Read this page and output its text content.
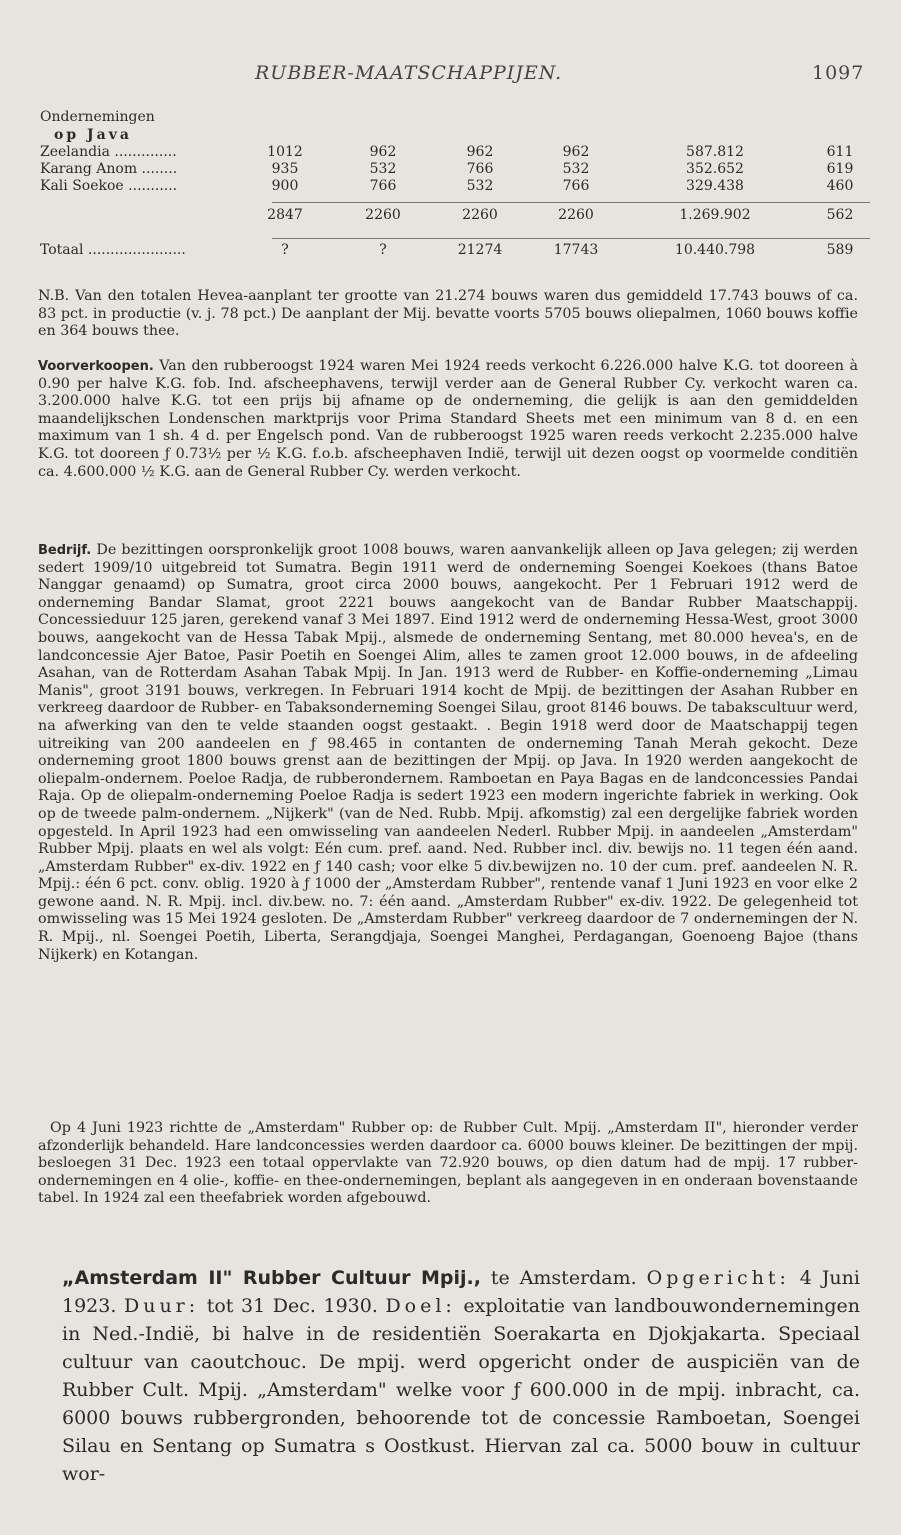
RUBBER-MAATSCHAPPIJEN.	1097
Ondernemingen
op Java
Zeelandia ..............	1012	962	962	962	587.812	611
Karang Anom ........	935	532	766	532	352.652	619
Kali Soekoe ...........	900	766	532	766	329.438	460
2847	2260	2260	2260	1.269.902	562
Totaal ......................	?	?	21274	17743	10.440.798	589

N.B. Van den totalen Hevea-aanplant ter grootte van 21.274 bouws waren dus gemiddeld 17.743 bouws of ca. 83 pct. in productie (v. j. 78 pct.) De aanplant der Mij. bevatte voorts 5705 bouws oliepalmen, 1060 bouws koffie en 364 bouws thee.

Voorverkoopen. Van den rubberoogst 1924 waren Mei 1924 reeds verkocht 6.226.000 halve K.G. tot dooreen à 0.90 per halve K.G. fob. Ind. afscheephavens, terwijl verder aan de General Rubber Cy. verkocht waren ca. 3.200.000 halve K.G. tot een prijs bij afname op de onderneming, die gelijk is aan den gemiddelden maandelijkschen Londenschen marktprijs voor Prima Standard Sheets met een minimum van 8 d. en een maximum van 1 sh. 4 d. per Engelsch pond. Van de rubberoogst 1925 waren reeds verkocht 2.235.000 halve K.G. tot dooreen ƒ 0.73½ per ½ K.G. f.o.b. afscheephaven Indië, terwijl uit dezen oogst op voormelde conditiën ca. 4.600.000 ½ K.G. aan de General Rubber Cy. werden verkocht.

Bedrijf. De bezittingen oorspronkelijk groot 1008 bouws, waren aanvankelijk alleen op Java gelegen; zij werden sedert 1909/10 uitgebreid tot Sumatra. Begin 1911 werd de onderneming Soengei Koekoes (thans Batoe Nanggar genaamd) op Sumatra, groot circa 2000 bouws, aangekocht. Per 1 Februari 1912 werd de onderneming Bandar Slamat, groot 2221 bouws aangekocht van de Bandar Rubber Maatschappij. Concessieduur 125 jaren, gerekend vanaf 3 Mei 1897. Eind 1912 werd de onderneming Hessa-West, groot 3000 bouws, aangekocht van de Hessa Tabak Mpij., alsmede de onderneming Sentang, met 80.000 hevea's, en de landconcessie Ajer Batoe, Pasir Poetih en Soengei Alim, alles te zamen groot 12.000 bouws, in de afdeeling Asahan, van de Rotterdam Asahan Tabak Mpij. In Jan. 1913 werd de Rubber- en Koffie-onderneming „Limau Manis", groot 3191 bouws, verkregen. In Februari 1914 kocht de Mpij. de bezittingen der Asahan Rubber en verkreeg daardoor de Rubber- en Tabaksonderneming Soengei Silau, groot 8146 bouws. De tabakscultuur werd, na afwerking van den te velde staanden oogst gestaakt. . Begin 1918 werd door de Maatschappij tegen uitreiking van 200 aandeelen en ƒ 98.465 in contanten de onderneming Tanah Merah gekocht. Deze onderneming groot 1800 bouws grenst aan de bezittingen der Mpij. op Java. In 1920 werden aangekocht de oliepalm-ondernem. Poeloe Radja, de rubberondernem. Ramboetan en Paya Bagas en de landconcessies Pandai Raja. Op de oliepalm-onderneming Poeloe Radja is sedert 1923 een modern ingerichte fabriek in werking. Ook op de tweede palm-ondernem. „Nijkerk" (van de Ned. Rubb. Mpij. afkomstig) zal een dergelijke fabriek worden opgesteld. In April 1923 had een omwisseling van aandeelen Nederl. Rubber Mpij. in aandeelen „Amsterdam" Rubber Mpij. plaats en wel als volgt: Eén cum. pref. aand. Ned. Rubber incl. div. bewijs no. 11 tegen één aand. „Amsterdam Rubber" ex-div. 1922 en ƒ 140 cash; voor elke 5 div.bewijzen no. 10 der cum. pref. aandeelen N. R. Mpij.: één 6 pct. conv. oblig. 1920 à ƒ 1000 der „Amsterdam Rubber", rentende vanaf 1 Juni 1923 en voor elke 2 gewone aand. N. R. Mpij. incl. div.bew. no. 7: één aand. „Amsterdam Rubber" ex-div. 1922. De gelegenheid tot omwisseling was 15 Mei 1924 gesloten. De „Amsterdam Rubber" verkreeg daardoor de 7 ondernemingen der N. R. Mpij., nl. Soengei Poetih, Liberta, Serangdjaja, Soengei Manghei, Perdagangan, Goenoeng Bajoe (thans Nijkerk) en Kotangan.

Op 4 Juni 1923 richtte de „Amsterdam" Rubber op: de Rubber Cult. Mpij. „Amsterdam II", hieronder verder afzonderlijk behandeld. Hare landconcessies werden daardoor ca. 6000 bouws kleiner. De bezittingen der mpij. besloegen 31 Dec. 1923 een totaal oppervlakte van 72.920 bouws, op dien datum had de mpij. 17 rubber-ondernemingen en 4 olie-, koffie- en thee-ondernemingen, beplant als aangegeven in en onderaan bovenstaande tabel. In 1924 zal een theefabriek worden afgebouwd.

„Amsterdam II" Rubber Cultuur Mpij., te Amsterdam. Opgericht: 4 Juni 1923. Duur: tot 31 Dec. 1930. Doel: exploitatie van landbouwondernemingen in Ned.-Indië, bi halve in de residentiën Soerakarta en Djokjakarta. Speciaal cultuur van caoutchouc. De mpij. werd opgericht onder de auspiciën van de Rubber Cult. Mpij. „Amsterdam" welke voor ƒ 600.000 in de mpij. inbracht, ca. 6000 bouws rubbergronden, behoorende tot de concessie Ramboetan, Soengei Silau en Sentang op Sumatra s Oostkust. Hiervan zal ca. 5000 bouw in cultuur wor-
